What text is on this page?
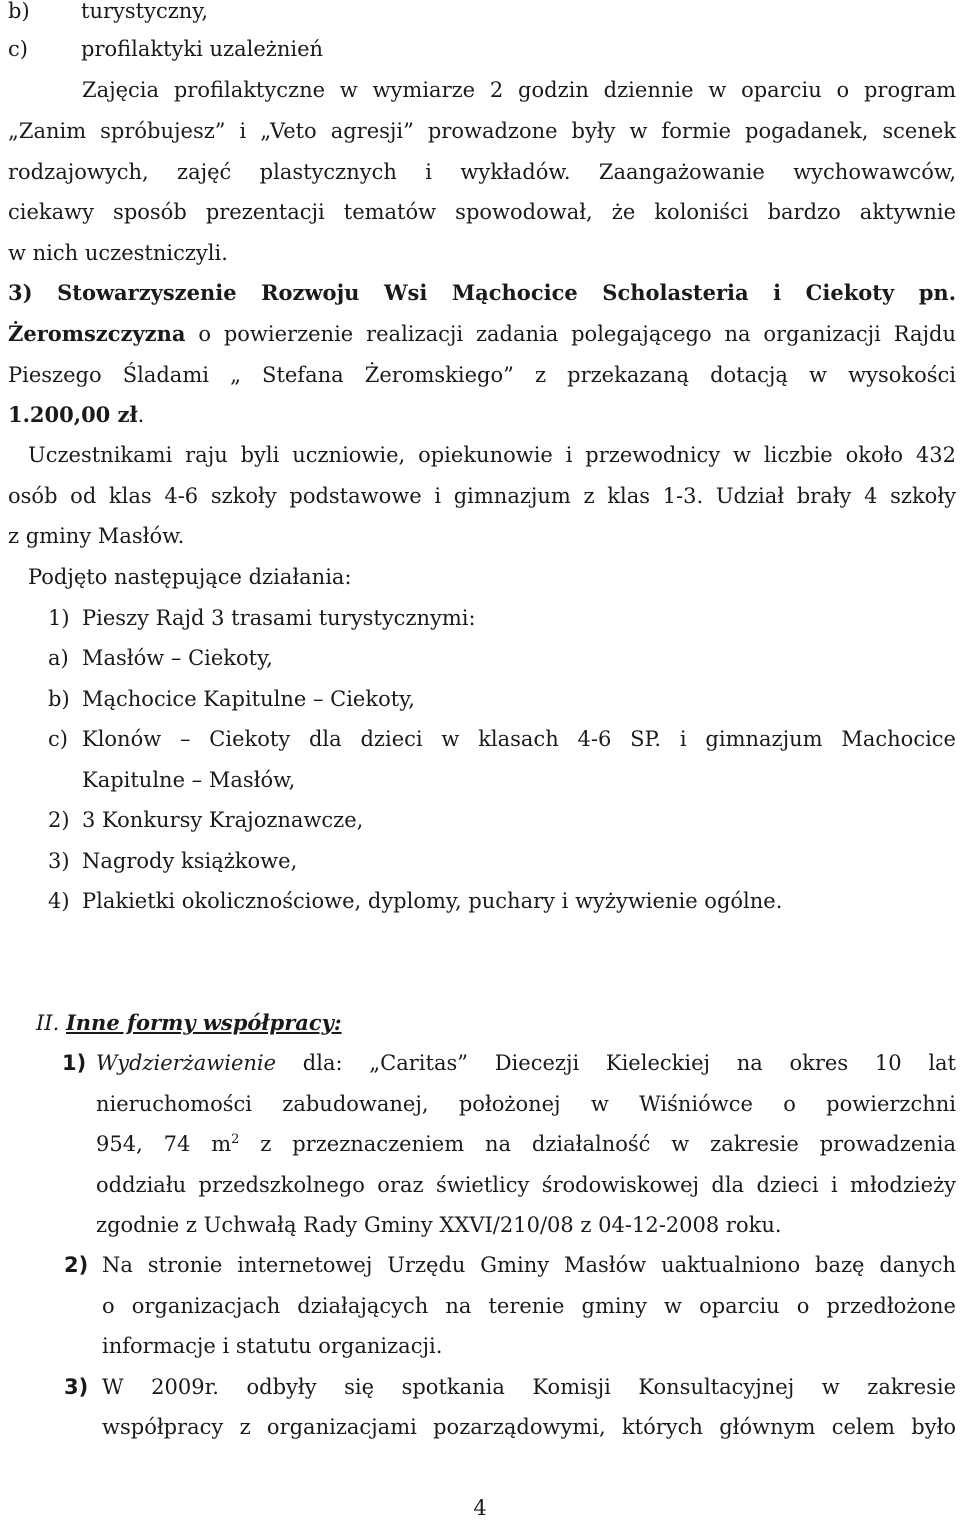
b) turystyczny,
c)	profilaktyki uzależnień
Zajęcia profilaktyczne w wymiarze 2 godzin dziennie w oparciu o program
„Zanim spróbujesz” i „Veto agresji” prowadzone były w formie pogadanek, scenek
rodzajowych, zajęć plastycznych i wykładów. Zaangażowanie wychowawców,
ciekawy sposób prezentacji tematów spowodował, że koloniści bardzo aktywnie
w nich uczestniczyli.
3) Stowarzyszenie Rozwoju Wsi Mąchocice Scholasteria i Ciekoty pn.
Żeromszczyzna o powierzenie realizacji zadania polegającego na organizacji Rajdu
Pieszego Śladami „ Stefana Żeromskiego” z przekazaną dotacją w wysokości
1.200,00 zł.
Uczestnikami raju byli uczniowie, opiekunowie i przewodnicy w liczbie około 432
osób od klas 4-6 szkoły podstawowe i gimnazjum z klas 1-3. Udział brały 4 szkoły
z gminy Masłów.
Podjęto następujące działania:
1) Pieszy Rajd 3 trasami turystycznymi:
a) Masłów – Ciekoty,
b) Mąchocice Kapitulne – Ciekoty,
c) Klonów – Ciekoty dla dzieci w klasach 4-6 SP. i gimnazjum Machocice
Kapitulne – Masłów,
2) 3 Konkursy Krajoznawcze,
3) Nagrody książkowe,
4) Plakietki okolicznościowe, dyplomy, puchary i wyżywienie ogólne.
II. Inne formy współpracy:
1) Wydzierżawienie dla: „Caritas” Diecezji Kieleckiej na okres 10 lat
nieruchomości zabudowanej, położonej w Wiśniówce o powierzchni
954, 74 $m^2$ z przeznaczeniem na działalność w zakresie prowadzenia
oddziału przedszkolnego oraz świetlicy środowiskowej dla dzieci i młodzieży
zgodnie z Uchwałą Rady Gminy XXVI/210/08 z 04-12-2008 roku.
2) Na stronie internetowej Urzędu Gminy Masłów uaktualniono bazę danych
o organizacjach działających na terenie gminy w oparciu o przedłożone
informacje i statutu organizacji.
3) W 2009r. odbyły się spotkania Komisji Konsultacyjnej w zakresie
współpracy z organizacjami pozarządowymi, których głównym celem było
4
